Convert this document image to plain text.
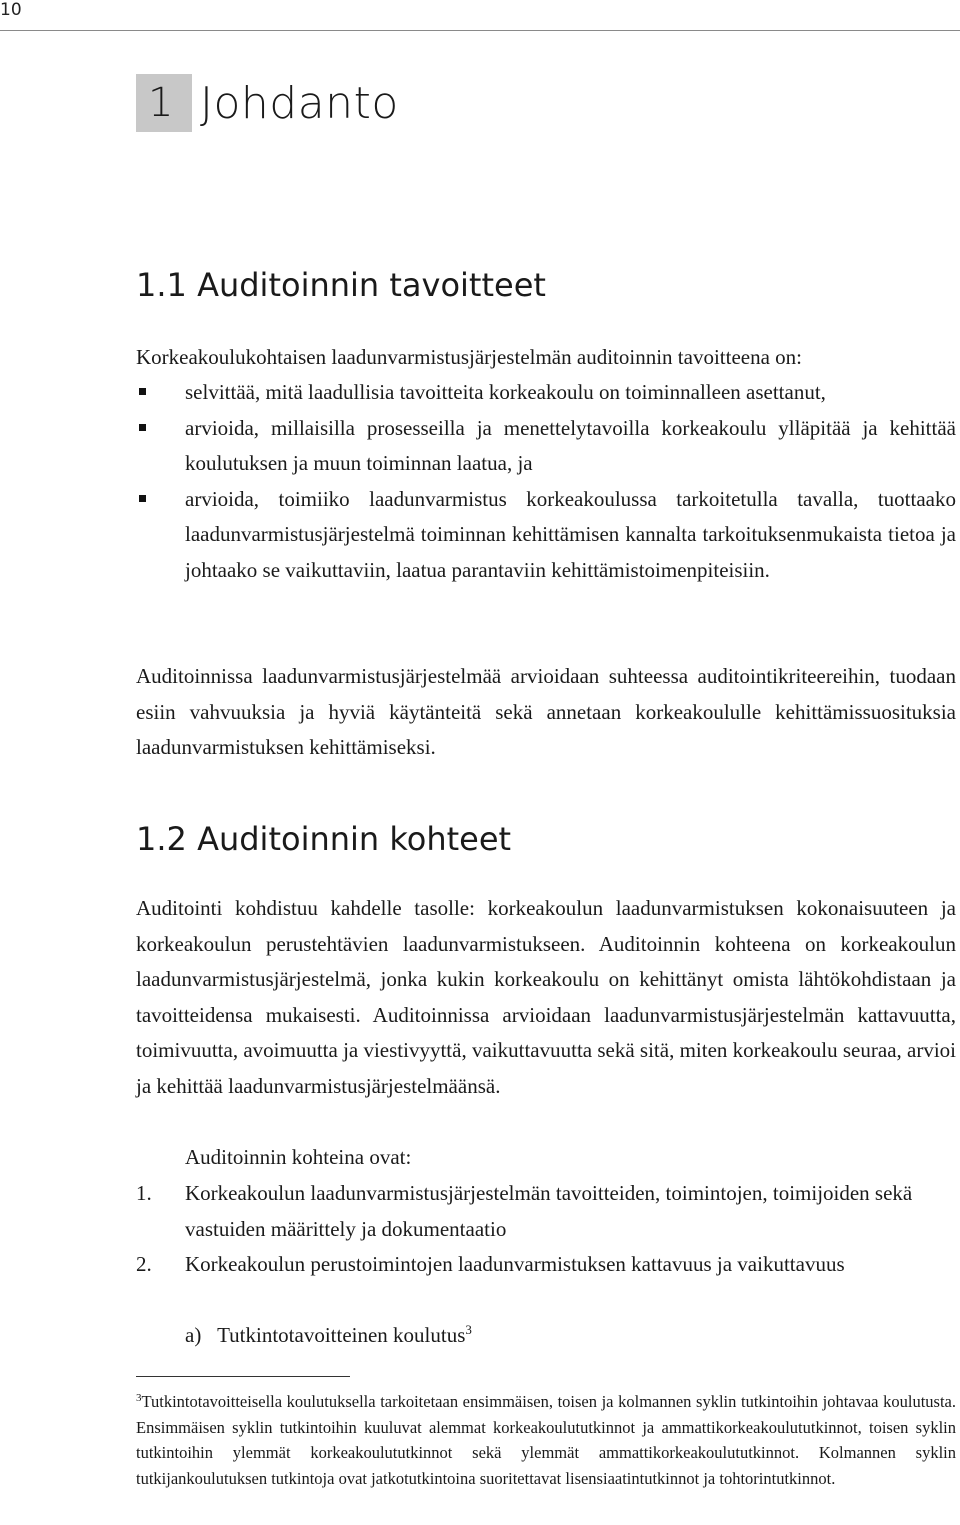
10
1 Johdanto
1.1 Auditoinnin tavoitteet

Korkeakoulukohtaisen laadunvarmistusjärjestelmän auditoinnin tavoitteena on:

selvittää, mitä laadullisia tavoitteita korkeakoulu on toiminnalleen asettanut,
arvioida, millaisilla prosesseilla ja menettelytavoilla korkeakoulu ylläpitää ja kehittää koulutuksen ja muun toiminnan laatua, ja
arvioida, toimiiko laadunvarmistus korkeakoulussa tarkoitetulla tavalla, tuottaako laadunvarmistusjärjestelmä toiminnan kehittämisen kannalta tarkoituksenmukaista tietoa ja johtaako se vaikuttaviin, laatua parantaviin kehittämistoimenpiteisiin.

Auditoinnissa laadunvarmistusjärjestelmää arvioidaan suhteessa auditointikriteereihin, tuodaan esiin vahvuuksia ja hyviä käytänteitä sekä annetaan korkeakoululle kehittämissuosituksia laadunvarmistuksen kehittämiseksi.

1.2 Auditoinnin kohteet

Auditointi kohdistuu kahdelle tasolle: korkeakoulun laadunvarmistuksen kokonaisuuteen ja korkeakoulun perustehtävien laadunvarmistukseen. Auditoinnin kohteena on korkeakoulun laadunvarmistusjärjestelmä, jonka kukin korkeakoulu on kehittänyt omista lähtökohdistaan ja tavoitteidensa mukaisesti. Auditoinnissa arvioidaan laadunvarmistusjärjestelmän kattavuutta, toimivuutta, avoimuutta ja viestivyyttä, vaikuttavuutta sekä sitä, miten korkeakoulu seuraa, arvioi ja kehittää laadunvarmistusjärjestelmäänsä.

Auditoinnin kohteina ovat:

1. Korkeakoulun laadunvarmistusjärjestelmän tavoitteiden, toimintojen, toimijoiden sekä vastuiden määrittely ja dokumentaatio
2. Korkeakoulun perustoimintojen laadunvarmistuksen kattavuus ja vaikuttavuus

a) Tutkintotavoitteinen koulutus$^3$

$^3$Tutkintotavoitteisella koulutuksella tarkoitetaan ensimmäisen, toisen ja kolmannen syklin tutkintoihin johtavaa koulutusta. Ensimmäisen syklin tutkintoihin kuuluvat alemmat korkeakoulututkinnot ja ammattikorkeakoulututkinnot, toisen syklin tutkintoihin ylemmät korkeakoulututkinnot sekä ylemmät ammattikorkeakoulututkinnot. Kolmannen syklin tutkijankoulutuksen tutkintoja ovat jatkotutkintoina suoritettavat lisensiaatintutkinnot ja tohtorintutkinnot.
